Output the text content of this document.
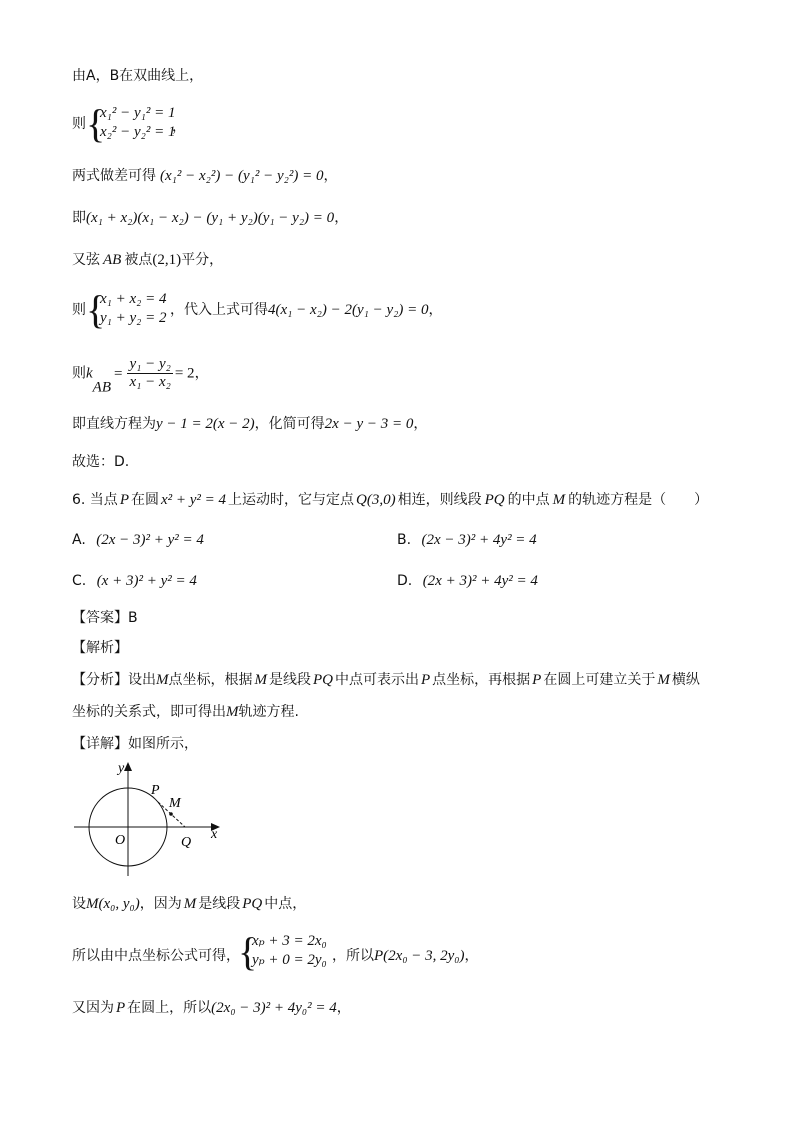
由A，B在双曲线上，
则 {
x₁² − y₁² = 1
x₂² − y₂² = 1
，
两式做差可得 (x₁² − x₂²) − (y₁² − y₂²) = 0，
即(x₁ + x₂)(x₁ − x₂) − (y₁ + y₂)(y₁ − y₂) = 0，
又弦 AB 被点(2,1)平分，
则 {
x₁ + x₂ = 4
y₁ + y₂ = 2 ，代入上式可得4(x₁ − x₂) − 2(y₁ − y₂) = 0，
则$k_{AB}= \frac{\text{y₁ − y₂}}{\text{x₁ − x₂}} = 2$，
即直线方程为y − 1 = 2(x − 2)，化简可得2x − y − 3 = 0，
故选：D.
6. 当点 P 在圆 x² + y² = 4 上运动时，它与定点 Q(3,0) 相连，则线段 PQ 的中点 M 的轨迹方程是（　　）
A. (2x − 3)² + y² = 4	B. (2x − 3)² + 4y² = 4
C. (x + 3)² + y² = 4	D. (2x + 3)² + 4y² = 4
【答案】B
【解析】
【分析】设出M点坐标，根据 M 是线段 PQ 中点可表示出 P 点坐标，再根据 P 在圆上可建立关于 M 横纵
坐标的关系式，即可得出M轨迹方程.
【详解】如图所示，
y
x
O
P
M
Q
设M(x₀, y₀)，因为 M 是线段 PQ 中点，
所以由中点坐标公式可得，
{
xₚ + 3 = 2x₀
yₚ + 0 = 2y₀ ，所以P(2x₀ − 3, 2y₀)，
又因为 P 在圆上，所以(2x₀ − 3)² + 4y₀² = 4，
